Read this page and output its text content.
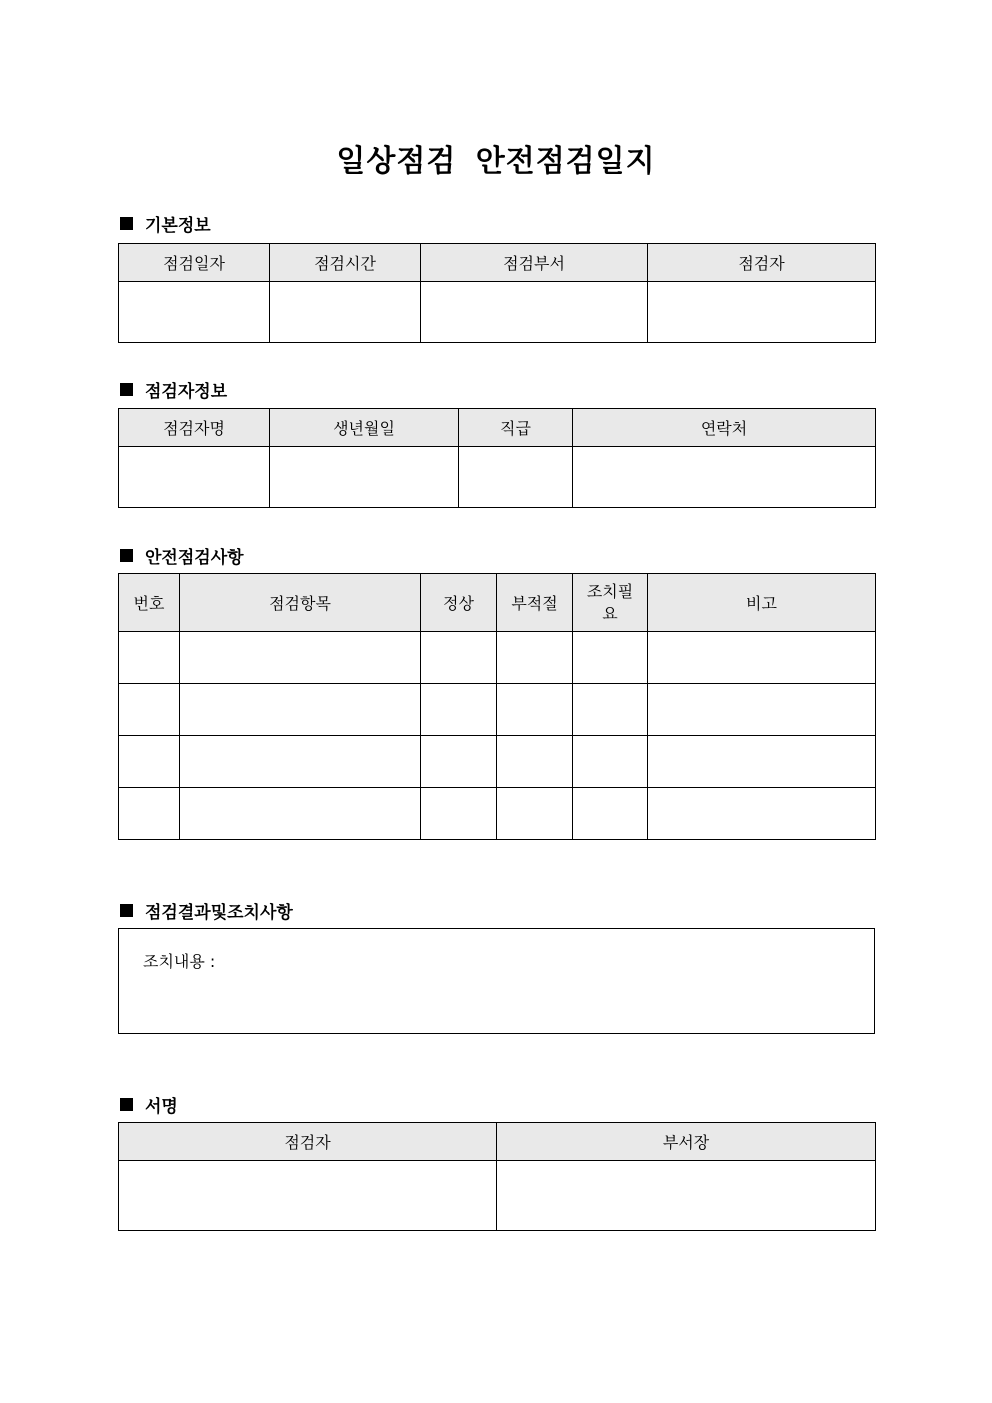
일상점검 안전점검일지
기본정보
점검일자	점검시간	점검부서	점검자

점검자정보
점검자명	생년월일	직급	연락처

안전점검사항
번호	점검항목	정상	부적절	조치필요	비고

점검결과및조치사항
조치내용 :
서명
점검자	부서장
